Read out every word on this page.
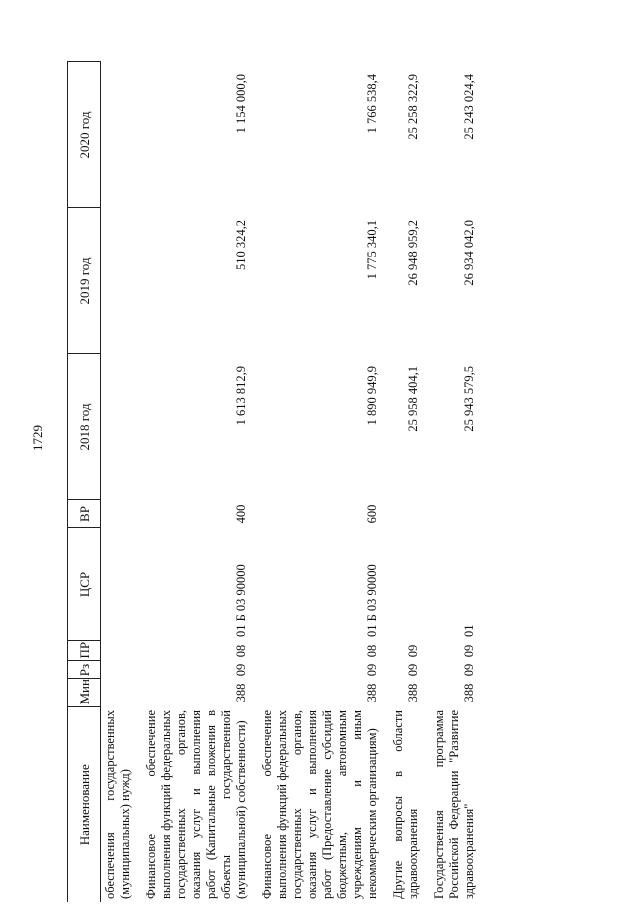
1729
Наименование	Мин	Рз	ПР	ЦСР	ВР	2018 год	2019 год	2020 год
обеспечения государственных (муниципальных) нужд)								
Финансовое обеспечение выполнения функций федеральных государственных органов, оказания услуг и выполнения работ (Капитальные вложения в объекты государственной (муниципальной) собственности)	388	09	08	01 Б 03 90000	400	1 613 812,9	510 324,2	1 154 000,0
Финансовое обеспечение выполнения функций федеральных государственных органов, оказания услуг и выполнения работ (Предоставление субсидий бюджетным, автономным учреждениям и иным некоммерческим организациям)	388	09	08	01 Б 03 90000	600	1 890 949,9	1 775 340,1	1 766 538,4
Другие вопросы в области здравоохранения	388	09	09			25 958 404,1	26 948 959,2	25 258 322,9
Государственная программа Российской Федерации "Развитие здравоохранения"	388	09	09	01		25 943 579,5	26 934 042,0	25 243 024,4
